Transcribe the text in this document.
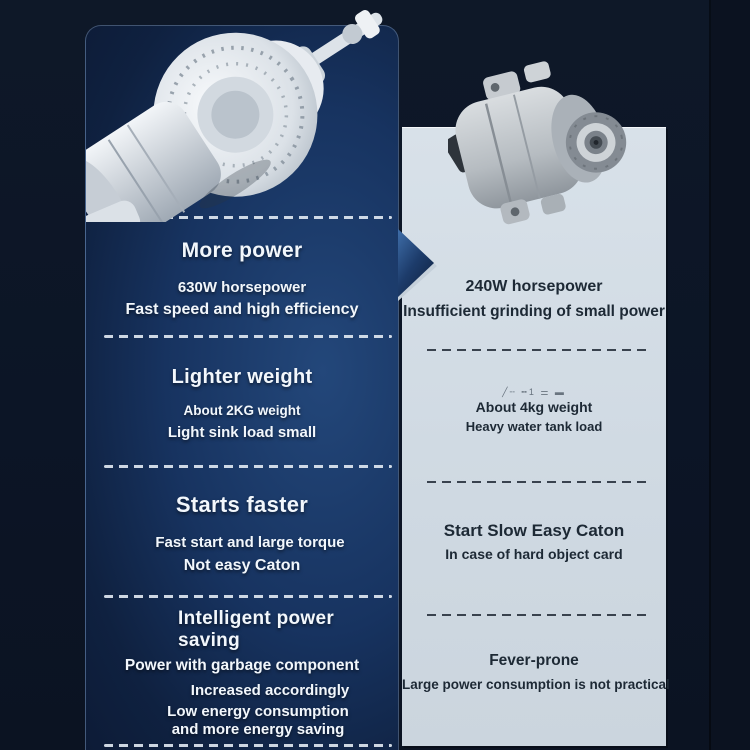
More power
630W horsepower
Fast speed and high efficiency
Lighter weight
About 2KG weight
Light sink load small
Starts faster
Fast start and large torque
Not easy Caton
Intelligent power saving
Power with garbage component
Increased accordingly
Low energy consumption
and more energy saving
240W horsepower
Insufficient grinding of small power
╱╌ ╍1 ⚌ ▬
About 4kg weight
Heavy water tank load
Start Slow Easy Caton
In case of hard object card
Fever-prone
Large power consumption is not practical
